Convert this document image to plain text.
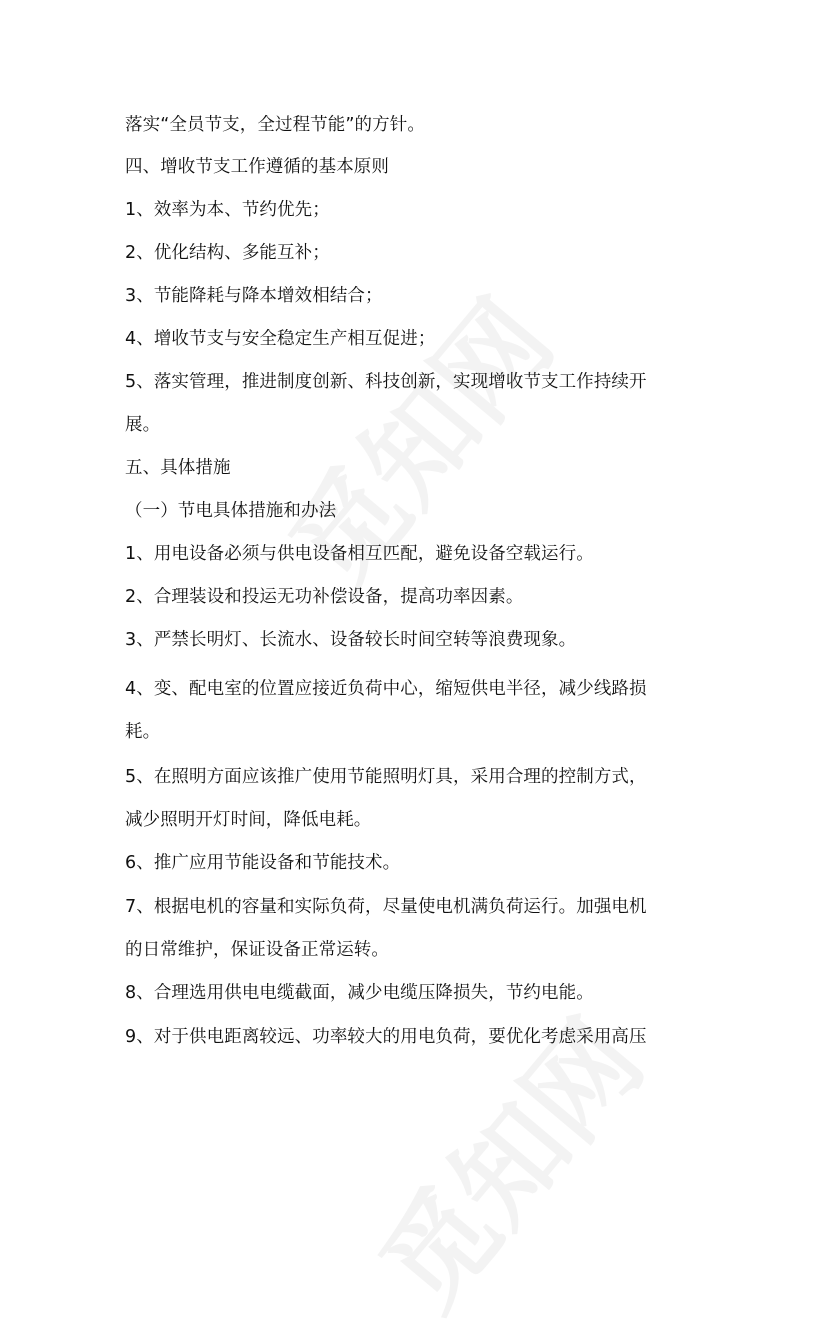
落实“全员节支，全过程节能”的方针。
四、增收节支工作遵循的基本原则
1、效率为本、节约优先；
2、优化结构、多能互补；
3、节能降耗与降本增效相结合；
4、增收节支与安全稳定生产相互促进；
5、落实管理，推进制度创新、科技创新，实现增收节支工作持续开
展。
五、具体措施
（一）节电具体措施和办法
1、用电设备必须与供电设备相互匹配，避免设备空载运行。
2、合理装设和投运无功补偿设备，提高功率因素。
3、严禁长明灯、长流水、设备较长时间空转等浪费现象。
4、变、配电室的位置应接近负荷中心，缩短供电半径，减少线路损
耗。
5、在照明方面应该推广使用节能照明灯具，采用合理的控制方式，
减少照明开灯时间，降低电耗。
6、推广应用节能设备和节能技术。
7、根据电机的容量和实际负荷，尽量使电机满负荷运行。加强电机
的日常维护，保证设备正常运转。
8、合理选用供电电缆截面，减少电缆压降损失，节约电能。
9、对于供电距离较远、功率较大的用电负荷，要优化考虑采用高压
